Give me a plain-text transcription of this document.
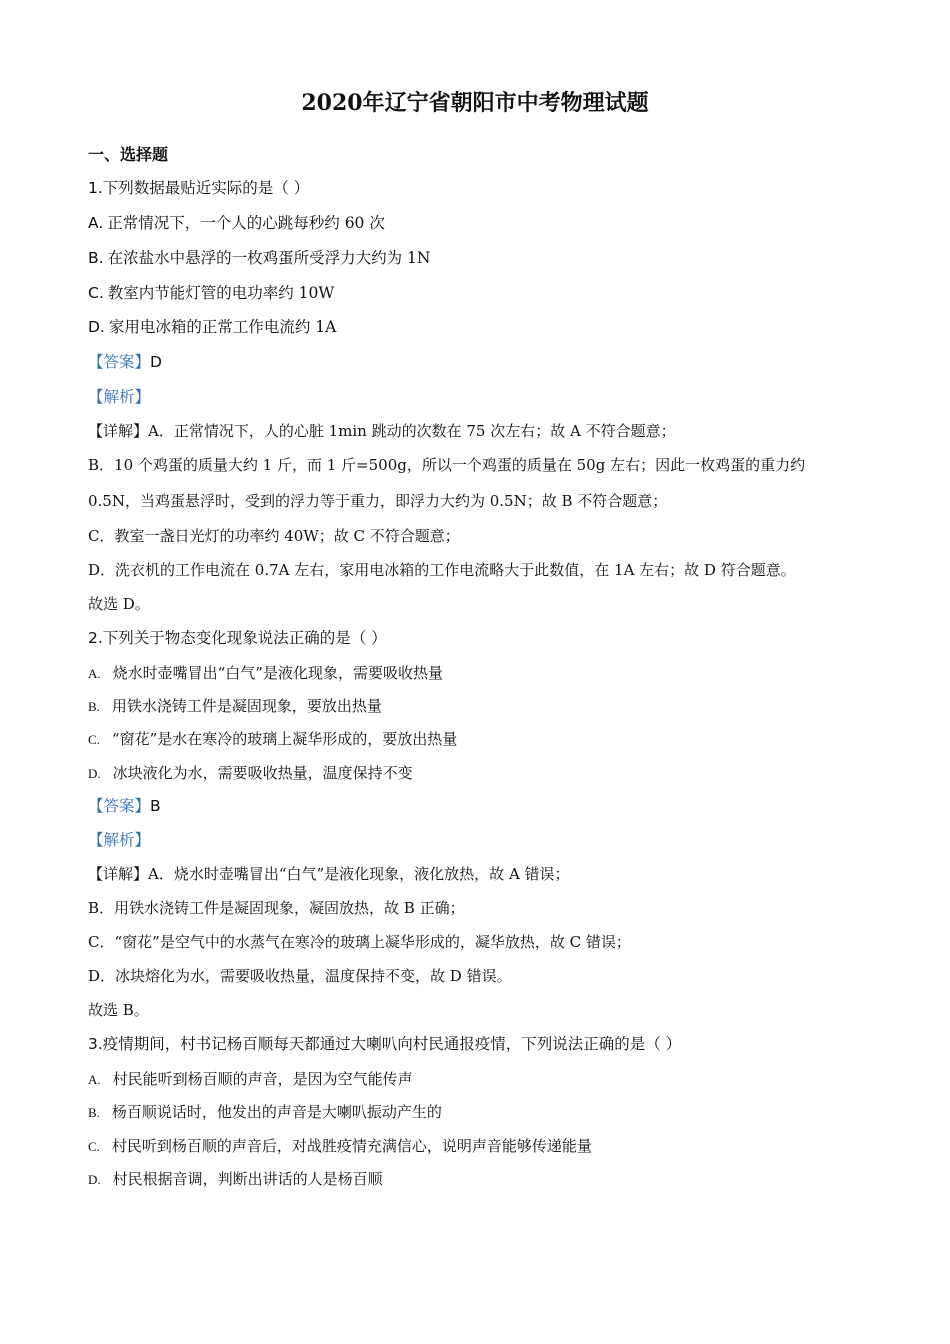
2020年辽宁省朝阳市中考物理试题
一、选择题
1.下列数据最贴近实际的是（ ）
A. 正常情况下，一个人的心跳每秒约 60 次
B. 在浓盐水中悬浮的一枚鸡蛋所受浮力大约为 1N
C. 教室内节能灯管的电功率约 10W
D. 家用电冰箱的正常工作电流约 1A
【答案】D
【解析】
【详解】A．正常情况下，人的心脏 1min 跳动的次数在 75 次左右；故 A 不符合题意；
B．10 个鸡蛋的质量大约 1 斤，而 1 斤=500g，所以一个鸡蛋的质量在 50g 左右；因此一枚鸡蛋的重力约
0.5N，当鸡蛋悬浮时，受到的浮力等于重力，即浮力大约为 0.5N；故 B 不符合题意；
C．教室一盏日光灯的功率约 40W；故 C 不符合题意；
D．洗衣机的工作电流在 0.7A 左右，家用电冰箱的工作电流略大于此数值，在 1A 左右；故 D 符合题意。
故选 D。
2.下列关于物态变化现象说法正确的是（ ）
A. 烧水时壶嘴冒出“白气”是液化现象，需要吸收热量
B. 用铁水浇铸工件是凝固现象，要放出热量
C. “窗花”是水在寒冷的玻璃上凝华形成的，要放出热量
D. 冰块液化为水，需要吸收热量，温度保持不变
【答案】B
【解析】
【详解】A．烧水时壶嘴冒出“白气”是液化现象，液化放热，故 A 错误；
B．用铁水浇铸工件是凝固现象，凝固放热，故 B 正确；
C．“窗花”是空气中的水蒸气在寒冷的玻璃上凝华形成的，凝华放热，故 C 错误；
D．冰块熔化为水，需要吸收热量，温度保持不变，故 D 错误。
故选 B。
3.疫情期间，村书记杨百顺每天都通过大喇叭向村民通报疫情，下列说法正确的是（ ）
A. 村民能听到杨百顺的声音，是因为空气能传声
B. 杨百顺说话时，他发出的声音是大喇叭振动产生的
C. 村民听到杨百顺的声音后，对战胜疫情充满信心，说明声音能够传递能量
D. 村民根据音调，判断出讲话的人是杨百顺
